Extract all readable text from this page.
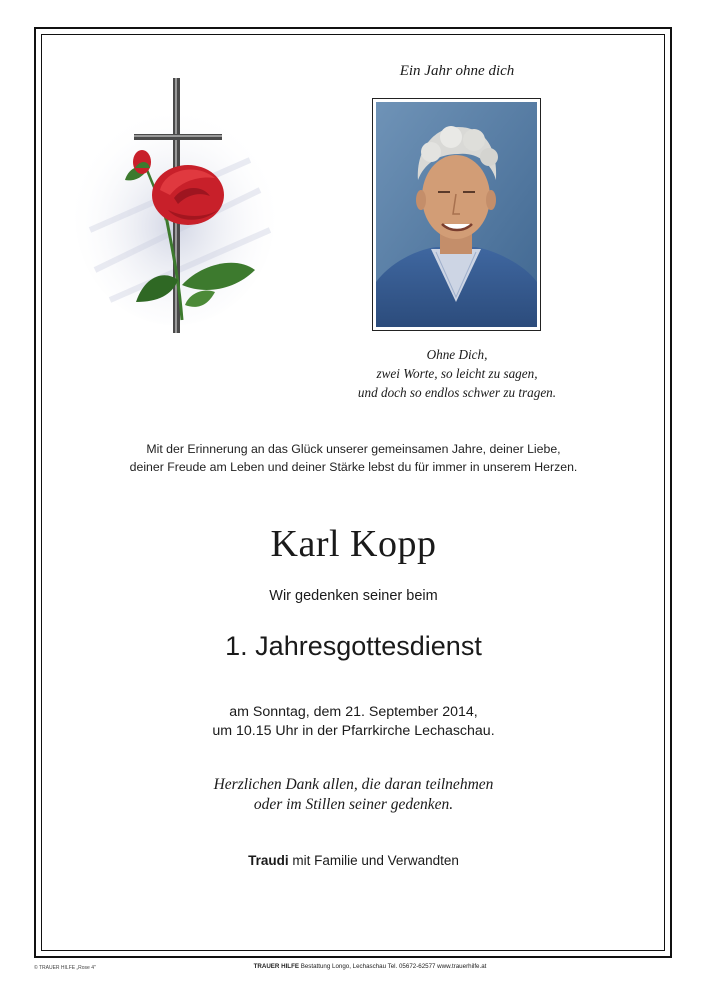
Ein Jahr ohne dich
Ohne Dich,
zwei Worte, so leicht zu sagen,
und doch so endlos schwer zu tragen.
Mit der Erinnerung an das Glück unserer gemeinsamen Jahre, deiner Liebe,
deiner Freude am Leben und deiner Stärke lebst du für immer in unserem Herzen.
Karl Kopp
Wir gedenken seiner beim
1. Jahresgottesdienst
am Sonntag, dem 21. September 2014,
um 10.15 Uhr in der Pfarrkirche Lechaschau.
Herzlichen Dank allen, die daran teilnehmen
oder im Stillen seiner gedenken.
Traudi mit Familie und Verwandten
© TRAUER HILFE „Rose 4"	TRAUER HILFE Bestattung Longo, Lechaschau Tel. 05672-62577 www.trauerhilfe.at
